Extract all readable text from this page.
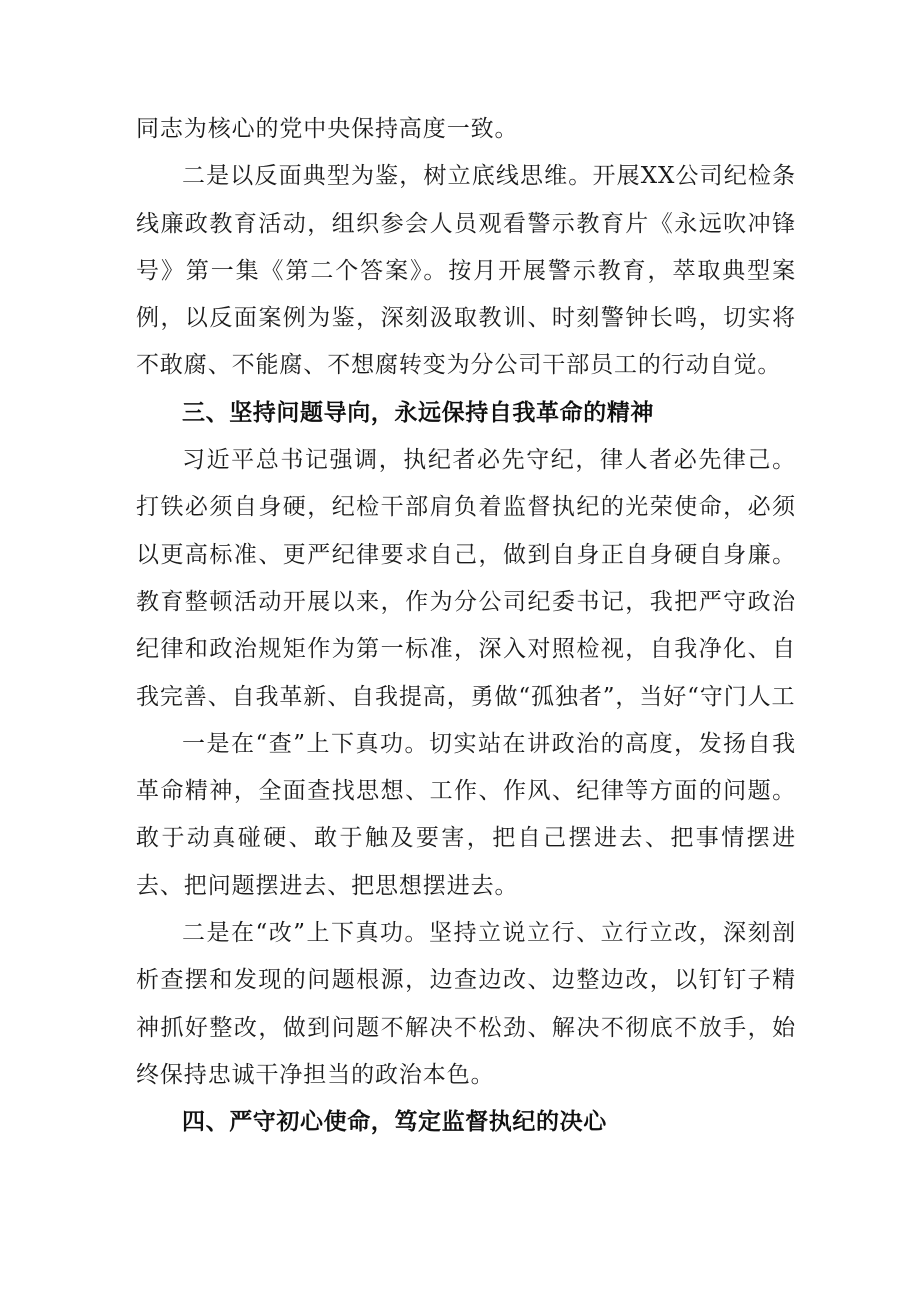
同志为核心的党中央保持高度一致。

二是以反面典型为鉴，树立底线思维。开展XX公司纪检条线廉政教育活动，组织参会人员观看警示教育片《永远吹冲锋号》第一集《第二个答案》。按月开展警示教育，萃取典型案例，以反面案例为鉴，深刻汲取教训、时刻警钟长鸣，切实将不敢腐、不能腐、不想腐转变为分公司干部员工的行动自觉。

三、坚持问题导向，永远保持自我革命的精神

习近平总书记强调，执纪者必先守纪，律人者必先律己。打铁必须自身硬，纪检干部肩负着监督执纪的光荣使命，必须以更高标准、更严纪律要求自己，做到自身正自身硬自身廉。教育整顿活动开展以来，作为分公司纪委书记，我把严守政治纪律和政治规矩作为第一标准，深入对照检视，自我净化、自我完善、自我革新、自我提高，勇做“孤独者”，当好“守门人工

一是在“查”上下真功。切实站在讲政治的高度，发扬自我革命精神，全面查找思想、工作、作风、纪律等方面的问题。敢于动真碰硬、敢于触及要害，把自己摆进去、把事情摆进去、把问题摆进去、把思想摆进去。

二是在“改”上下真功。坚持立说立行、立行立改，深刻剖析查摆和发现的问题根源，边查边改、边整边改，以钉钉子精神抓好整改，做到问题不解决不松劲、解决不彻底不放手，始终保持忠诚干净担当的政治本色。

四、严守初心使命，笃定监督执纪的决心
